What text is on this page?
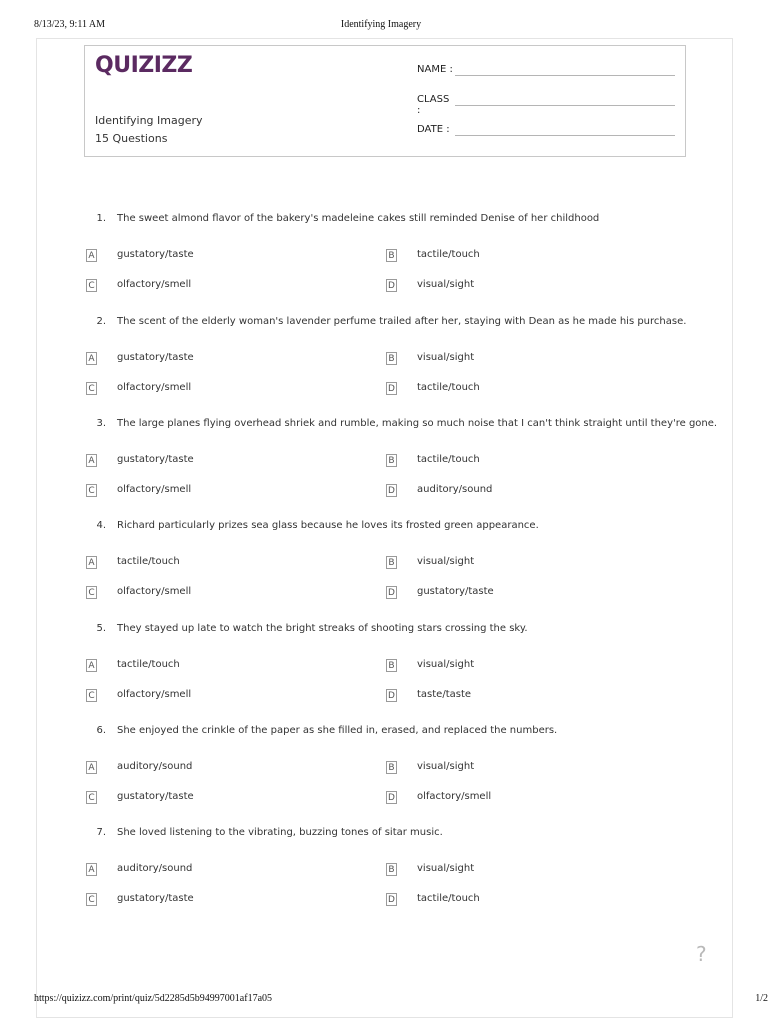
8/13/23, 9:11 AM	Identifying Imagery
QUIZIZZ
Identifying Imagery
15 Questions
NAME :
CLASS :
DATE :
1. The sweet almond flavor of the bakery's madeleine cakes still reminded Denise of her childhood
A gustatory/taste	B tactile/touch
C olfactory/smell	D visual/sight
2. The scent of the elderly woman's lavender perfume trailed after her, staying with Dean as he made his purchase.
A gustatory/taste	B visual/sight
C olfactory/smell	D tactile/touch
3. The large planes flying overhead shriek and rumble, making so much noise that I can't think straight until they're gone.
A gustatory/taste	B tactile/touch
C olfactory/smell	D auditory/sound
4. Richard particularly prizes sea glass because he loves its frosted green appearance.
A tactile/touch	B visual/sight
C olfactory/smell	D gustatory/taste
5. They stayed up late to watch the bright streaks of shooting stars crossing the sky.
A tactile/touch	B visual/sight
C olfactory/smell	D taste/taste
6. She enjoyed the crinkle of the paper as she filled in, erased, and replaced the numbers.
A auditory/sound	B visual/sight
C gustatory/taste	D olfactory/smell
7. She loved listening to the vibrating, buzzing tones of sitar music.
A auditory/sound	B visual/sight
C gustatory/taste	D tactile/touch
?
https://quizizz.com/print/quiz/5d2285d5b94997001af17a05	1/2
